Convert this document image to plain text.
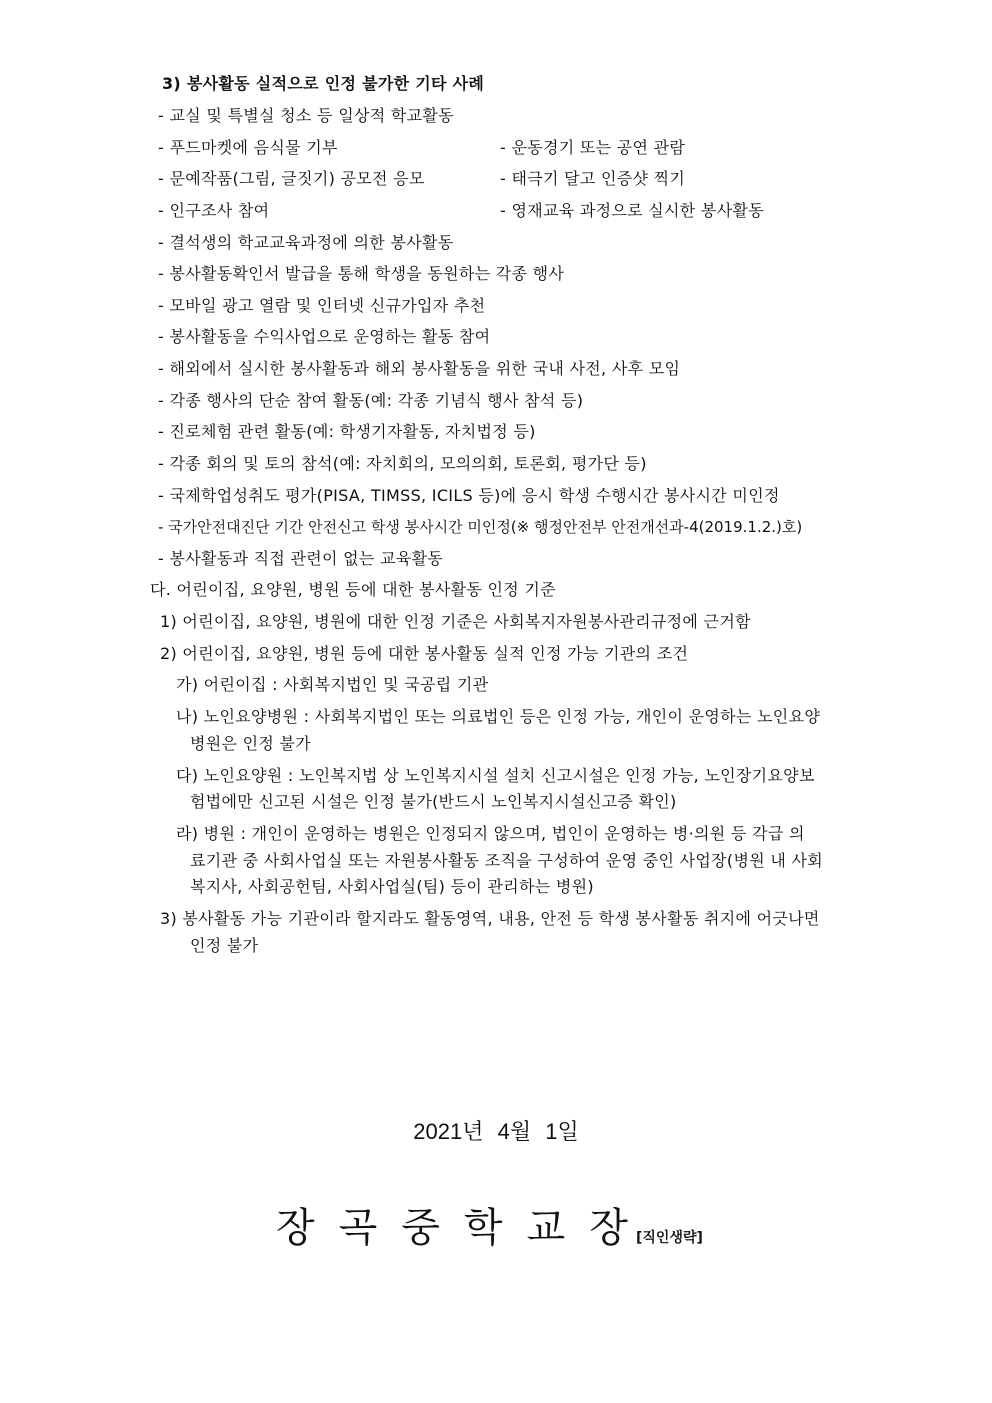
3) 봉사활동 실적으로 인정 불가한 기타 사례
- 교실 및 특별실 청소 등 일상적 학교활동
- 푸드마켓에 음식물 기부	- 운동경기 또는 공연 관람
- 문예작품(그림, 글짓기) 공모전 응모	- 태극기 달고 인증샷 찍기
- 인구조사 참여	- 영재교육 과정으로 실시한 봉사활동
- 결석생의 학교교육과정에 의한 봉사활동
- 봉사활동확인서 발급을 통해 학생을 동원하는 각종 행사
- 모바일 광고 열람 및 인터넷 신규가입자 추천
- 봉사활동을 수익사업으로 운영하는 활동 참여
- 해외에서 실시한 봉사활동과 해외 봉사활동을 위한 국내 사전, 사후 모임
- 각종 행사의 단순 참여 활동(예: 각종 기념식 행사 참석 등)
- 진로체험 관련 활동(예: 학생기자활동, 자치법정 등)
- 각종 회의 및 토의 참석(예: 자치회의, 모의의회, 토론회, 평가단 등)
- 국제학업성취도 평가(PISA, TIMSS, ICILS 등)에 응시 학생 수행시간 봉사시간 미인정
- 국가안전대진단 기간 안전신고 학생 봉사시간 미인정(※ 행정안전부 안전개선과-4(2019.1.2.)호)
- 봉사활동과 직접 관련이 없는 교육활동
다. 어린이집, 요양원, 병원 등에 대한 봉사활동 인정 기준
1) 어린이집, 요양원, 병원에 대한 인정 기준은 사회복지자원봉사관리규정에 근거함
2) 어린이집, 요양원, 병원 등에 대한 봉사활동 실적 인정 가능 기관의 조건
가) 어린이집 : 사회복지법인 및 국공립 기관
나) 노인요양병원 : 사회복지법인 또는 의료법인 등은 인정 가능, 개인이 운영하는 노인요양
병원은 인정 불가
다) 노인요양원 : 노인복지법 상 노인복지시설 설치 신고시설은 인정 가능, 노인장기요양보
험법에만 신고된 시설은 인정 불가(반드시 노인복지시설신고증 확인)
라) 병원 : 개인이 운영하는 병원은 인정되지 않으며, 법인이 운영하는 병·의원 등 각급 의
료기관 중 사회사업실 또는 자원봉사활동 조직을 구성하여 운영 중인 사업장(병원 내 사회
복지사, 사회공헌팀, 사회사업실(팀) 등이 관리하는 병원)
3) 봉사활동 가능 기관이라 할지라도 활동영역, 내용, 안전 등 학생 봉사활동 취지에 어긋나면
인정 불가
2021년 4월 1일
장곡중학교장
[직인생략]
